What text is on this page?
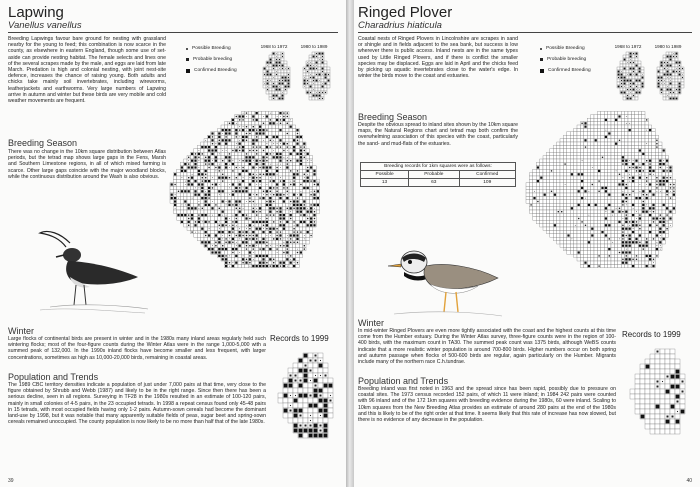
Lapwing
Vanellus vanellus
Breeding Lapwings favour bare ground for nesting with grassland nearby for the young to feed; this combination is now scarce in the county, as elsewhere in eastern England, though some use of set-aside can provide nesting habitat. The female selects and lines one of the several scrapes made by the male, and eggs are laid from late March. Predation is high and colonial nesting, with joint nest-site defence, increases the chance of raising young. Both adults and chicks take mainly soil invertebrates, including wireworms, leatherjackets and earthworms. Very large numbers of Lapwing arrive in autumn and winter but these birds are very mobile and cold weather movements are frequent.
Breeding Season
There was no change in the 10km square distribution between Atlas periods, but the tetrad map shows large gaps in the Fens, Marsh and Southern Limestone regions, in all of which mixed farming is scarce. Other large gaps coincide with the major woodland blocks, while the continuous distribution around the Wash is also obvious.
Possible Breeding
Probable breeding
Confirmed Breeding
1968 to 1972	1980 to 1989
Winter
Large flocks of continental birds are present in winter and in the 1980s many inland areas regularly held such wintering flocks; most of the four-figure counts during the Winter Atlas were in the range 1,000-5,000 with a summed peak of 132,000. In the 1990s inland flocks have become smaller and less frequent, with larger concentrations, sometimes as high as 10,000-20,000 birds, remaining in coastal areas.
Population and Trends
The 1989 CBC territory densities indicate a population of just under 7,000 pairs at that time, very close to the figure obtained by Shrubb and Webb (1987) and likely to be in the right range. Since then there has been a serious decline, seen in all regions. Surveying in TF28 in the 1980s resulted in an estimate of 100-120 pairs, mainly in small colonies of 4-5 pairs, in the 23 occupied tetrads. In 1998 a repeat census found only 45-48 pairs in 15 tetrads, with most occupied fields having only 1-2 pairs. Autumn-sown cereals had become the dominant land-use by 1998, but it was notable that many apparently suitable fields of peas, sugar beet and spring-sown cereals remained unoccupied. The county population is now likely to be no more than half that of the late 1980s.
Records to 1999
39
Ringed Plover
Charadrius hiaticula
Coastal nests of Ringed Plovers in Lincolnshire are scrapes in sand or shingle and in fields adjacent to the sea bank, but success is low wherever there is public access. Inland nests are in the same types used by Little Ringed Plovers, and if there is conflict the smaller species may be displaced. Eggs are laid in April and the chicks feed by picking up aquatic invertebrates close to the water's edge. In winter the birds move to the coast and estuaries.
Breeding Season
Despite the obvious spread to inland sites shown by the 10km square maps, the Natural Regions chart and tetrad map both confirm the overwhelming association of this species with the coast, particularly the sand- and mud-flats of the estuaries.
Breeding records for 1km squares were as follows:		
Possible	Probable	Confirmed
13	63	109
Possible Breeding
Probable breeding
Confirmed Breeding
1968 to 1972	1980 to 1989
Winter
In mid-winter Ringed Plovers are even more tightly associated with the coast and the highest counts at this time come from the Humber estuary. During the Winter Atlas survey, three-figure counts were in the region of 100-400 birds, with the maximum count in TA30. The summed peak count was 1375 birds, although WeBS counts indicate that a more realistic winter population is around 700-800 birds. Higher numbers occur on both spring and autumn passage when flocks of 500-600 birds are regular, again particularly on the Humber. Migrants include many of the northern race C.h.tundrae.
Population and Trends
Breeding inland was first noted in 1963 and the spread since has been rapid, possibly due to pressure on coastal sites. The 1973 census recorded 152 pairs, of which 11 were inland; in 1984 242 pairs were counted with 96 inland and of the 172 1km squares with breeding evidence during the 1980s, 60 were inland. Scaling to 10km squares from the New Breeding Atlas provides an estimate of around 280 pairs at the end of the 1980s and this is likely to be of the right order at that time. It seems likely that this rate of increase has now slowed, but there is no evidence of any decrease in the population.
Records to 1999
40
